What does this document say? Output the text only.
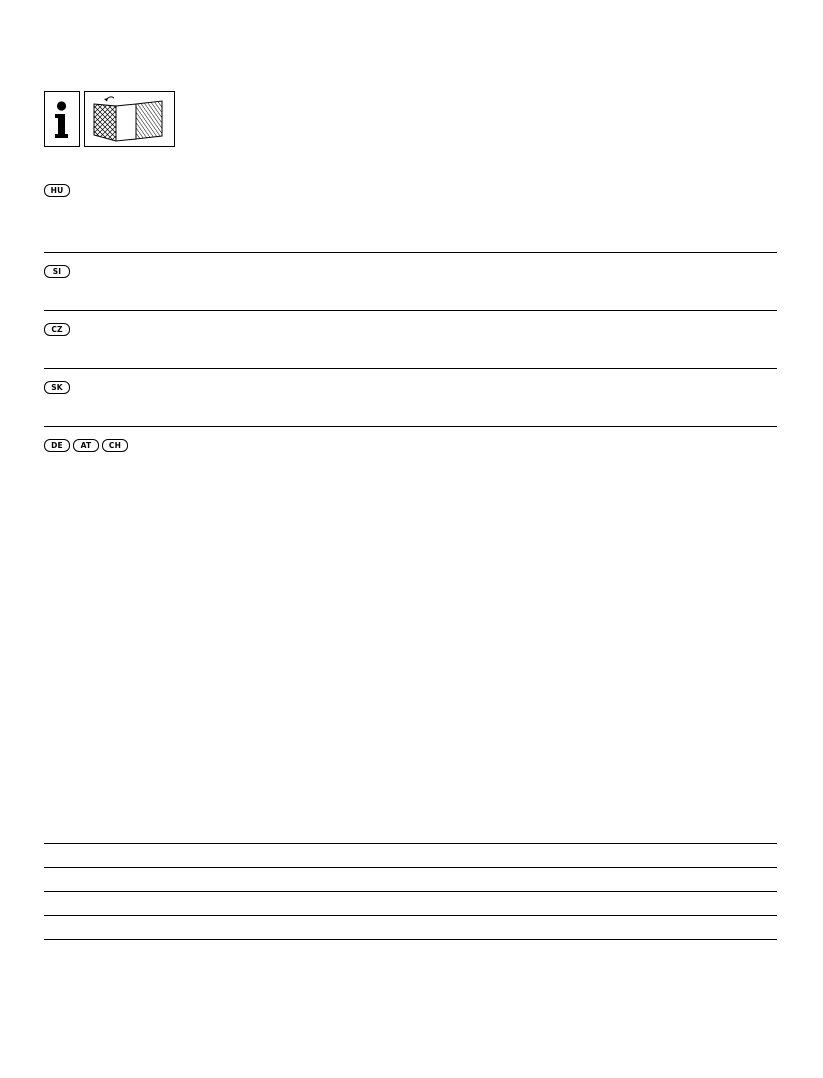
HU
SI
CZ
SK
DE	AT	CH
